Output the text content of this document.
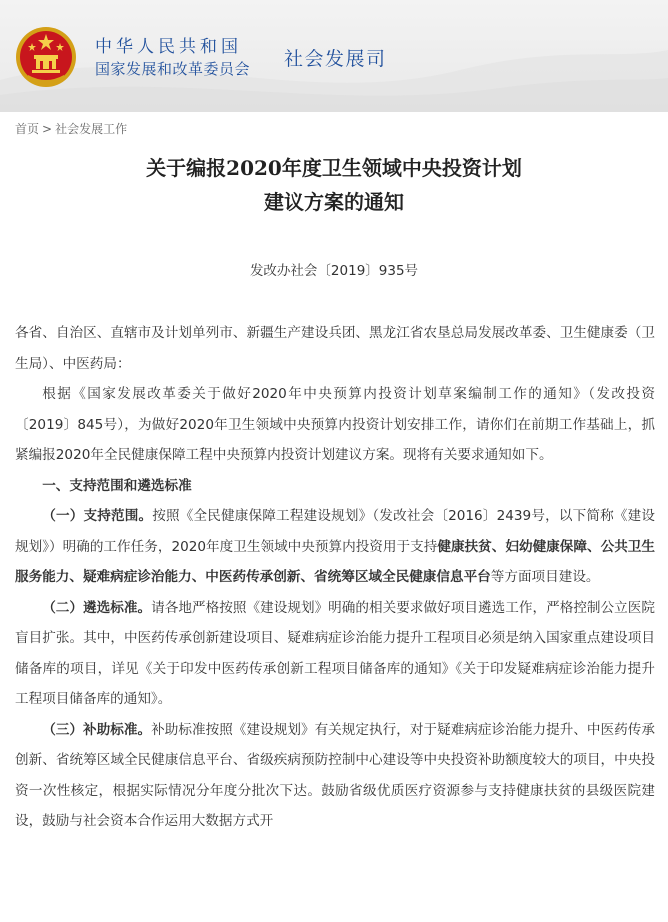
中华人民共和国
国家发展和改革委员会 社会发展司
首页 > 社会发展工作
关于编报2020年度卫生领域中央投资计划
建议方案的通知
发改办社会〔2019〕935号

各省、自治区、直辖市及计划单列市、新疆生产建设兵团、黑龙江省农垦总局发展改革委、卫生健康委（卫生局）、中医药局：

根据《国家发展改革委关于做好2020年中央预算内投资计划草案编制工作的通知》（发改投资〔2019〕845号），为做好2020年卫生领域中央预算内投资计划安排工作，请你们在前期工作基础上，抓紧编报2020年全民健康保障工程中央预算内投资计划建议方案。现将有关要求通知如下。

一、支持范围和遴选标准

（一）支持范围。按照《全民健康保障工程建设规划》（发改社会〔2016〕2439号，以下简称《建设规划》）明确的工作任务，2020年度卫生领域中央预算内投资用于支持健康扶贫、妇幼健康保障、公共卫生服务能力、疑难病症诊治能力、中医药传承创新、省统筹区域全民健康信息平台等方面项目建设。

（二）遴选标准。请各地严格按照《建设规划》明确的相关要求做好项目遴选工作，严格控制公立医院盲目扩张。其中，中医药传承创新建设项目、疑难病症诊治能力提升工程项目必须是纳入国家重点建设项目储备库的项目，详见《关于印发中医药传承创新工程项目储备库的通知》《关于印发疑难病症诊治能力提升工程项目储备库的通知》。

（三）补助标准。补助标准按照《建设规划》有关规定执行，对于疑难病症诊治能力提升、中医药传承创新、省统筹区域全民健康信息平台、省级疾病预防控制中心建设等中央投资补助额度较大的项目，中央投资一次性核定，根据实际情况分年度分批次下达。鼓励省级优质医疗资源参与支持健康扶贫的县级医院建设，鼓励与社会资本合作运用大数据方式开
